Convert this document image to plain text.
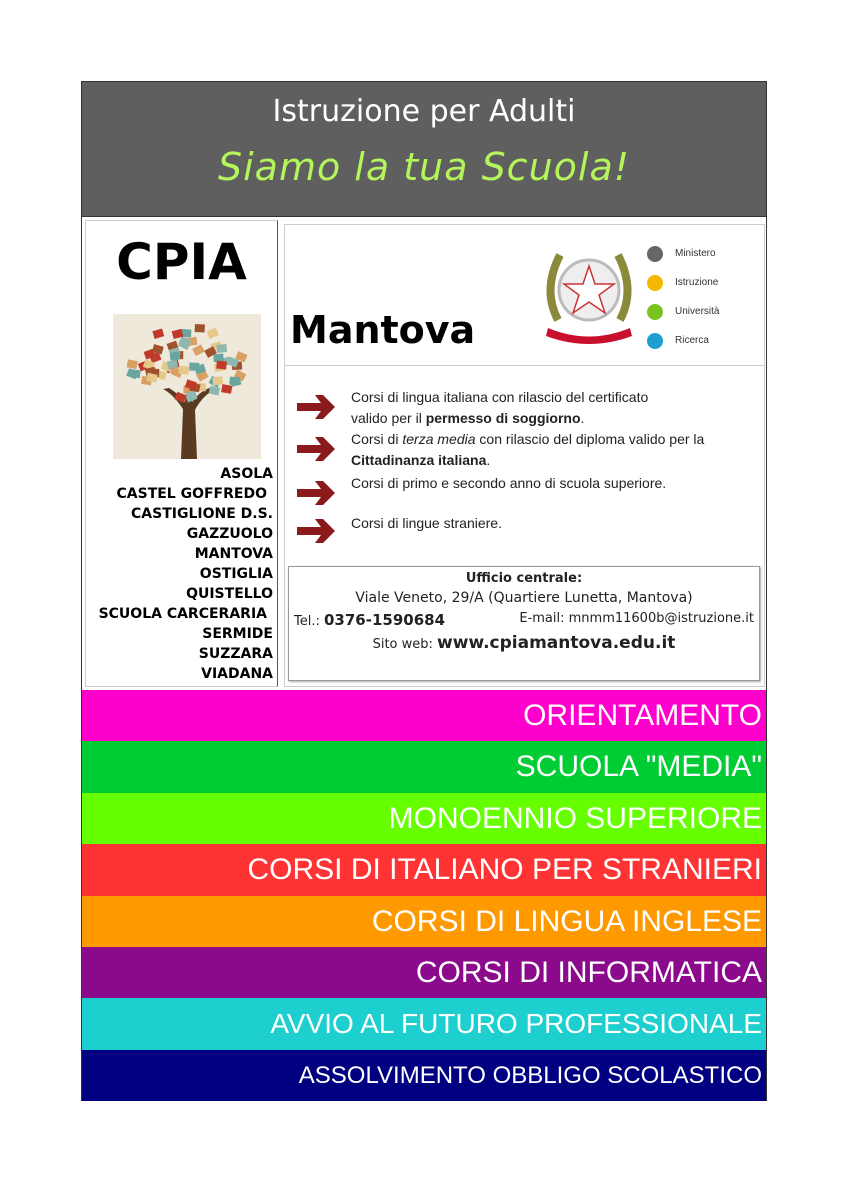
Istruzione per Adulti
Siamo la tua Scuola!
CPIA
ASOLA
CASTEL GOFFREDO
CASTIGLIONE D.S.
GAZZUOLO
MANTOVA
OSTIGLIA
QUISTELLO
SCUOLA CARCERARIA
SERMIDE
SUZZARA
VIADANA
Mantova
Ministero
Istruzione
Università
Ricerca
Corsi di lingua italiana con rilascio del certificato
valido per il permesso di soggiorno.
Corsi di terza media con rilascio del diploma valido per la
Cittadinanza italiana.
Corsi di primo e secondo anno di scuola superiore.
Corsi di lingue straniere.
Ufficio centrale:
Viale Veneto, 29/A (Quartiere Lunetta, Mantova)
Tel.: 0376-1590684	E-mail: mnmm11600b@istruzione.it
Sito web: www.cpiamantova.edu.it
ORIENTAMENTO
SCUOLA "MEDIA"
MONOENNIO SUPERIORE
CORSI DI ITALIANO PER STRANIERI
CORSI DI LINGUA INGLESE
CORSI DI INFORMATICA
AVVIO AL FUTURO PROFESSIONALE
ASSOLVIMENTO OBBLIGO SCOLASTICO
